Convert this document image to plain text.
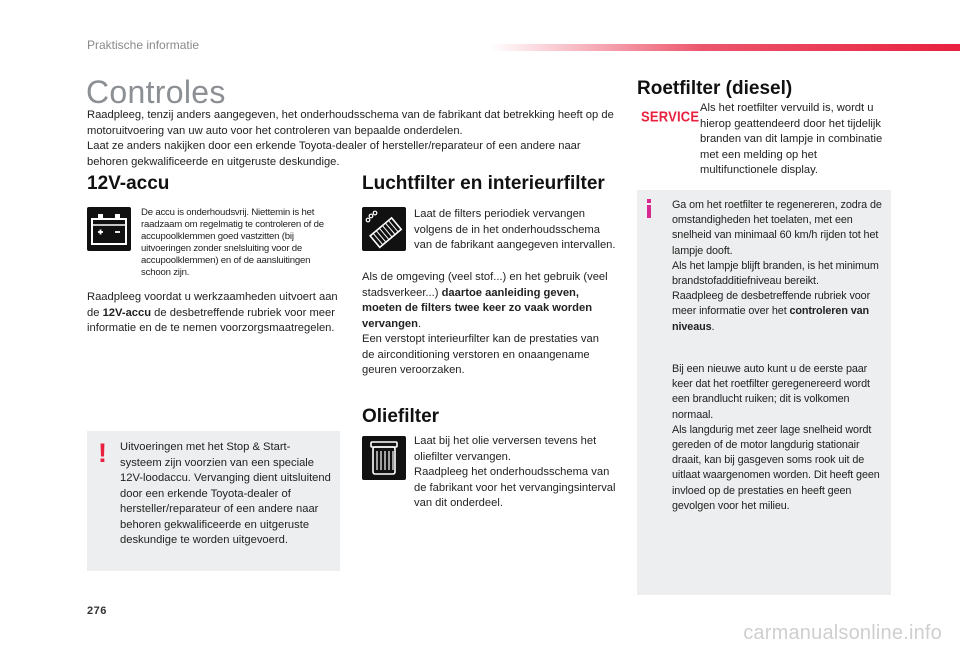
Praktische informatie
Controles

Raadpleeg, tenzij anders aangegeven, het onderhoudsschema van de fabrikant dat betrekking heeft op de motoruitvoering van uw auto voor het controleren van bepaalde onderdelen.

Laat ze anders nakijken door een erkende Toyota-dealer of hersteller/reparateur of een andere naar behoren gekwalificeerde en uitgeruste deskundige.

12V-accu
De accu is onderhoudsvrij. Niettemin is het raadzaam om regelmatig te controleren of de accupoolklemmen goed vastzitten (bij uitvoeringen zonder snelsluiting voor de accupoolklemmen) en of de aansluitingen schoon zijn.
Raadpleeg voordat u werkzaamheden uitvoert aan de 12V-accu de desbetreffende rubriek voor meer informatie en de te nemen voorzorgsmaatregelen.
! Uitvoeringen met het Stop & Start-systeem zijn voorzien van een speciale 12V-loodaccu. Vervanging dient uitsluitend door een erkende Toyota-dealer of hersteller/reparateur of een andere naar behoren gekwalificeerde en uitgeruste deskundige te worden uitgevoerd.
Luchtfilter en interieurfilter
Laat de filters periodiek vervangen volgens de in het onderhoudsschema van de fabrikant aangegeven intervallen.
Als de omgeving (veel stof...) en het gebruik (veel stadsverkeer...) daartoe aanleiding geven, moeten de filters twee keer zo vaak worden vervangen.
Een verstopt interieurfilter kan de prestaties van de airconditioning verstoren en onaangename geuren veroorzaken.
Oliefilter
Laat bij het olie verversen tevens het oliefilter vervangen.
Raadpleeg het onderhoudsschema van de fabrikant voor het vervangingsinterval van dit onderdeel.
Roetfilter (diesel)
SERVICE Als het roetfilter vervuild is, wordt u hierop geattendeerd door het tijdelijk branden van dit lampje in combinatie met een melding op het multifunctionele display.
Ga om het roetfilter te regenereren, zodra de omstandigheden het toelaten, met een snelheid van minimaal 60 km/h rijden tot het lampje dooft.
Als het lampje blijft branden, is het minimum brandstofadditiefniveau bereikt.
Raadpleeg de desbetreffende rubriek voor meer informatie over het controleren van niveaus.
Bij een nieuwe auto kunt u de eerste paar keer dat het roetfilter geregenereerd wordt een brandlucht ruiken; dit is volkomen normaal.
Als langdurig met zeer lage snelheid wordt gereden of de motor langdurig stationair draait, kan bij gasgeven soms rook uit de uitlaat waargenomen worden. Dit heeft geen invloed op de prestaties en heeft geen gevolgen voor het milieu.
276
carmanualsonline.info
